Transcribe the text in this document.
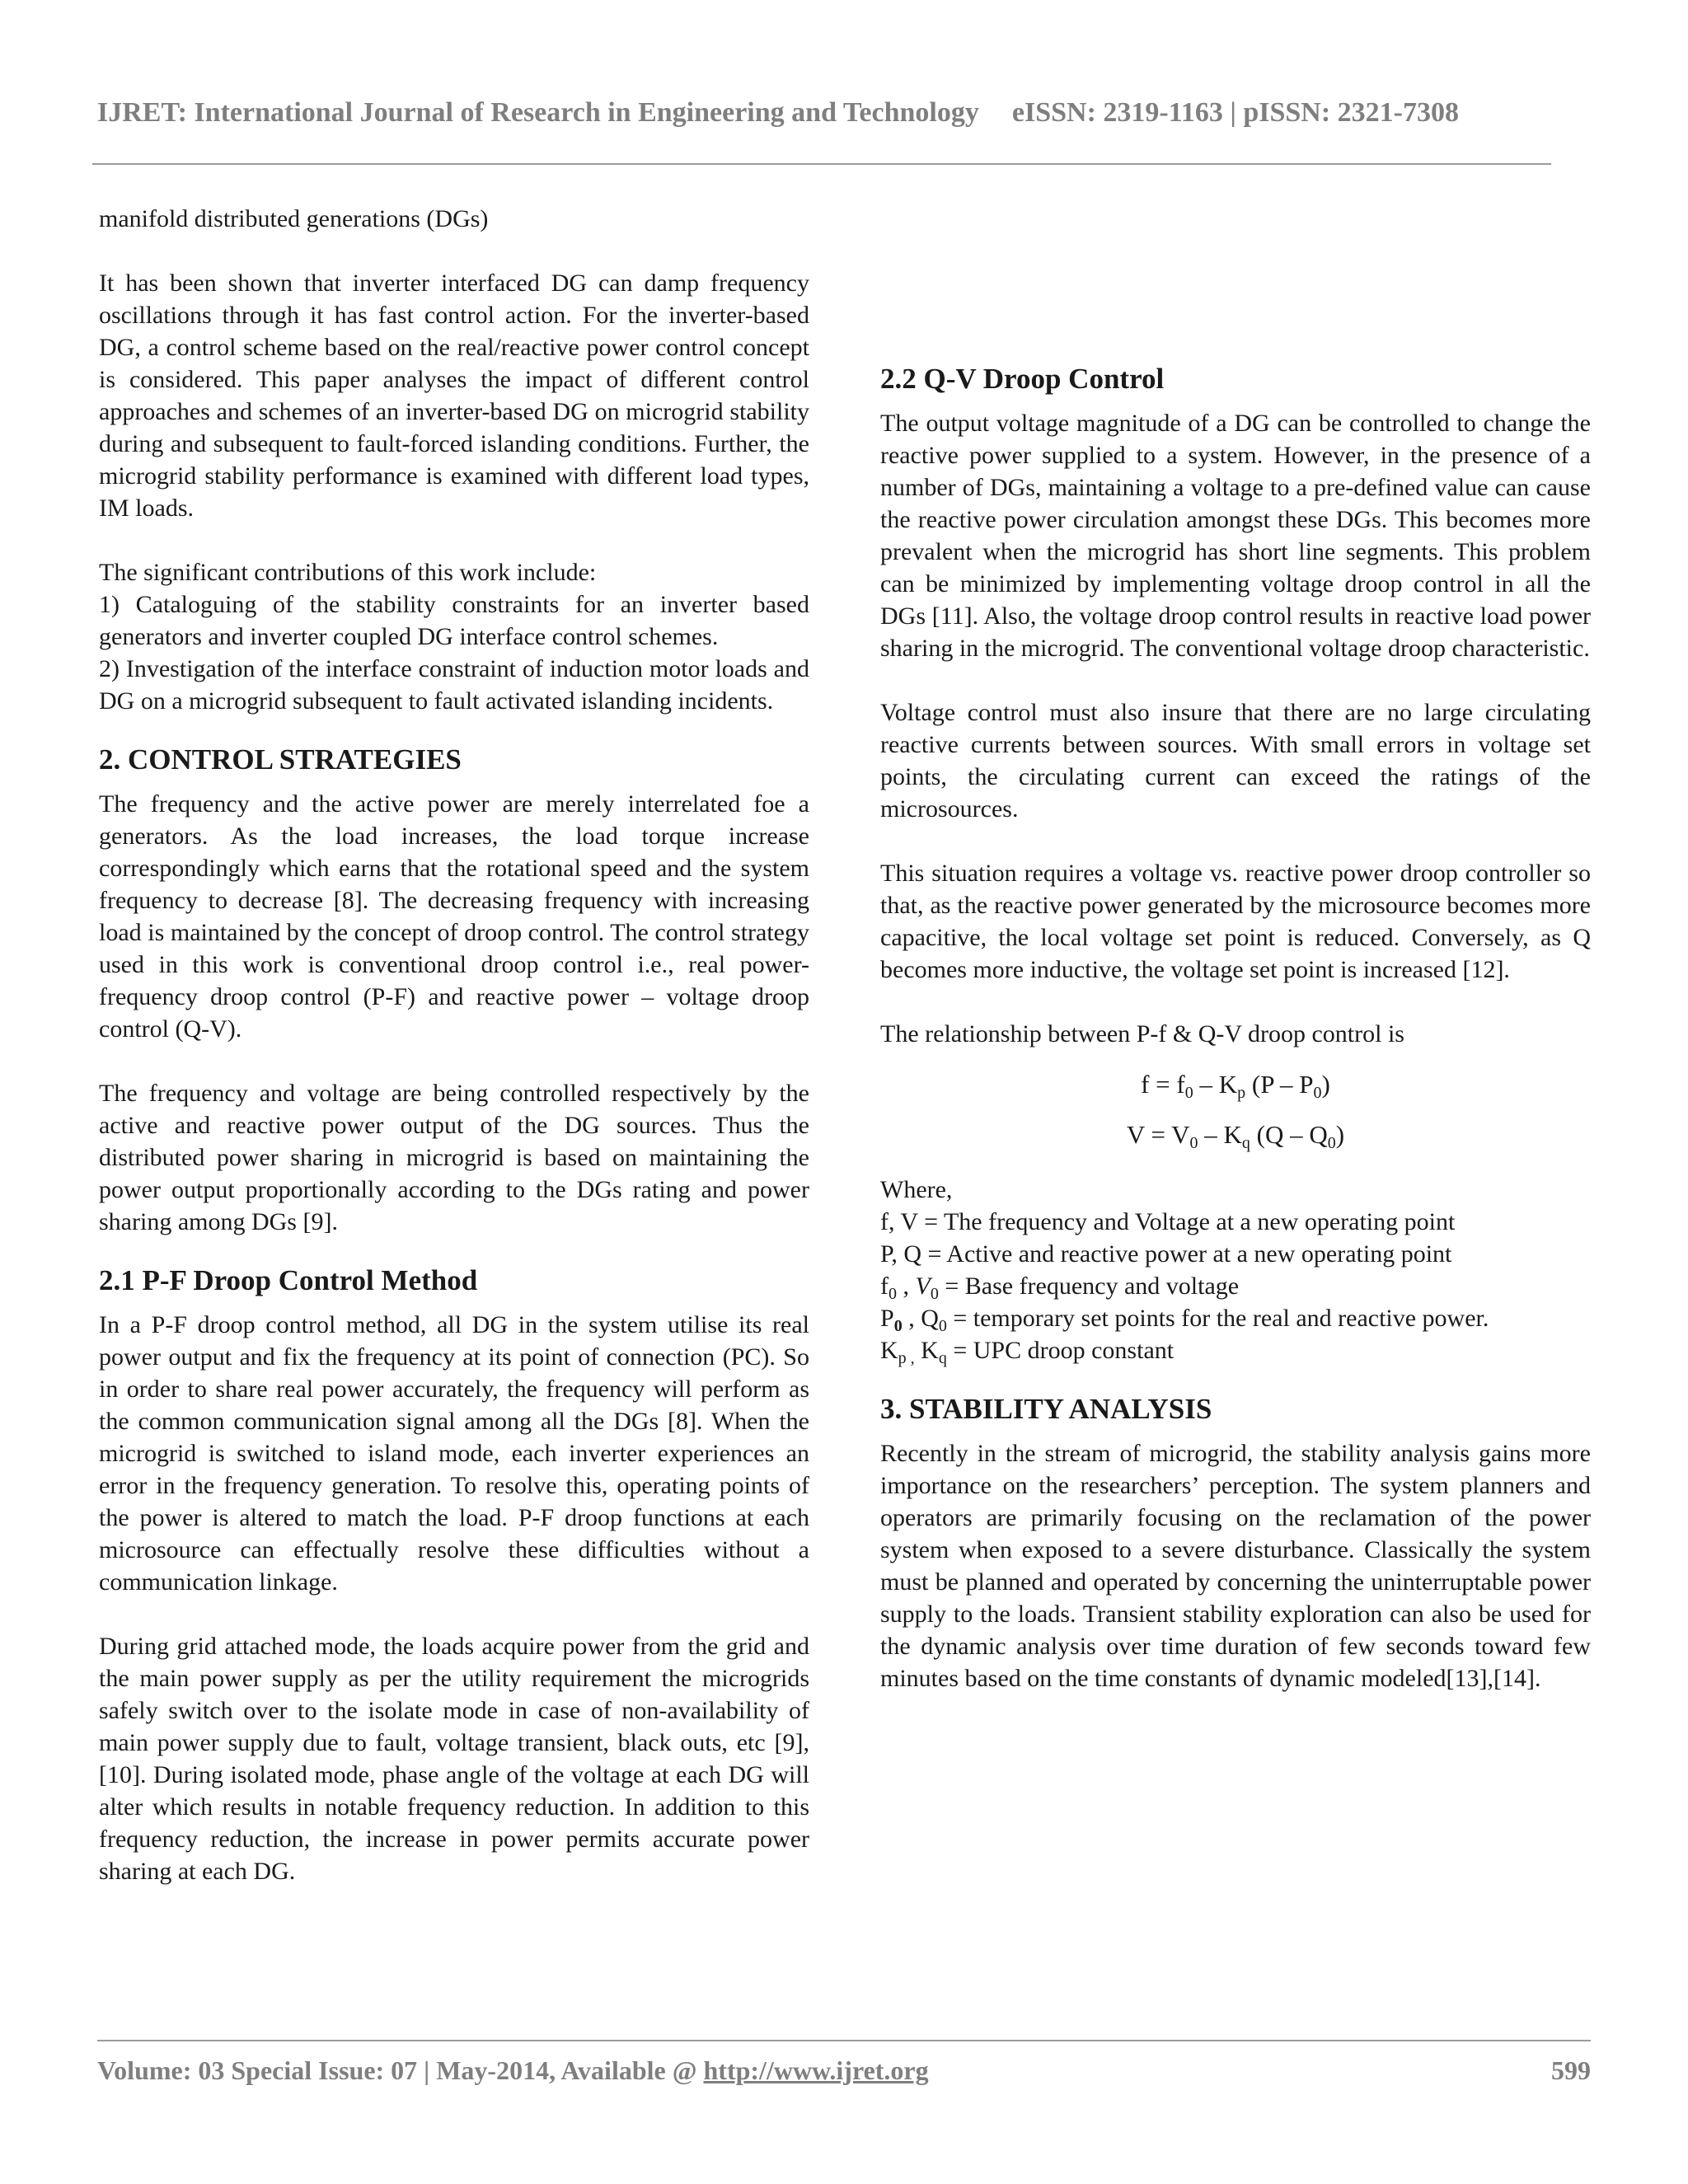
IJRET: International Journal of Research in Engineering and Technology eISSN: 2319-1163 | pISSN: 2321-7308

manifold distributed generations (DGs)

It has been shown that inverter interfaced DG can damp frequency oscillations through it has fast control action. For the inverter-based DG, a control scheme based on the real/reactive power control concept is considered. This paper analyses the impact of different control approaches and schemes of an inverter-based DG on microgrid stability during and subsequent to fault-forced islanding conditions. Further, the microgrid stability performance is examined with different load types, IM loads.

The significant contributions of this work include:

1) Cataloguing of the stability constraints for an inverter based generators and inverter coupled DG interface control schemes.

2) Investigation of the interface constraint of induction motor loads and DG on a microgrid subsequent to fault activated islanding incidents.

2. CONTROL STRATEGIES

The frequency and the active power are merely interrelated foe a generators. As the load increases, the load torque increase correspondingly which earns that the rotational speed and the system frequency to decrease [8]. The decreasing frequency with increasing load is maintained by the concept of droop control. The control strategy used in this work is conventional droop control i.e., real power- frequency droop control (P-F) and reactive power – voltage droop control (Q-V).

The frequency and voltage are being controlled respectively by the active and reactive power output of the DG sources. Thus the distributed power sharing in microgrid is based on maintaining the power output proportionally according to the DGs rating and power sharing among DGs [9].

2.1 P-F Droop Control Method

In a P-F droop control method, all DG in the system utilise its real power output and fix the frequency at its point of connection (PC). So in order to share real power accurately, the frequency will perform as the common communication signal among all the DGs [8]. When the microgrid is switched to island mode, each inverter experiences an error in the frequency generation. To resolve this, operating points of the power is altered to match the load. P-F droop functions at each microsource can effectually resolve these difficulties without a communication linkage.

During grid attached mode, the loads acquire power from the grid and the main power supply as per the utility requirement the microgrids safely switch over to the isolate mode in case of non-availability of main power supply due to fault, voltage transient, black outs, etc [9],[10]. During isolated mode, phase angle of the voltage at each DG will alter which results in notable frequency reduction. In addition to this frequency reduction, the increase in power permits accurate power sharing at each DG.

2.2 Q-V Droop Control

The output voltage magnitude of a DG can be controlled to change the reactive power supplied to a system. However, in the presence of a number of DGs, maintaining a voltage to a pre-defined value can cause the reactive power circulation amongst these DGs. This becomes more prevalent when the microgrid has short line segments. This problem can be minimized by implementing voltage droop control in all the DGs [11]. Also, the voltage droop control results in reactive load power sharing in the microgrid. The conventional voltage droop characteristic.

Voltage control must also insure that there are no large circulating reactive currents between sources. With small errors in voltage set points, the circulating current can exceed the ratings of the microsources.

This situation requires a voltage vs. reactive power droop controller so that, as the reactive power generated by the microsource becomes more capacitive, the local voltage set point is reduced. Conversely, as Q becomes more inductive, the voltage set point is increased [12].

The relationship between P-f & Q-V droop control is

$f = f_0 - K_p$ $(P - P_0)$
$V = V_0 - K_q$ $(Q - Q_0)$
Where,
f, V = The frequency and Voltage at a new operating point
P, Q = Active and reactive power at a new operating point
$f_0$ , $V_0$ = Base frequency and voltage
$P_0$ , $Q_0$ = temporary set points for the real and reactive power.
$K_{p ,}$ $K_q$ = UPC droop constant
3. STABILITY ANALYSIS

Recently in the stream of microgrid, the stability analysis gains more importance on the researchers’ perception. The system planners and operators are primarily focusing on the reclamation of the power system when exposed to a severe disturbance. Classically the system must be planned and operated by concerning the uninterruptable power supply to the loads. Transient stability exploration can also be used for the dynamic analysis over time duration of few seconds toward few minutes based on the time constants of dynamic modeled[13],[14].

Volume: 03 Special Issue: 07 | May-2014, Available @ http://www.ijret.org	599
